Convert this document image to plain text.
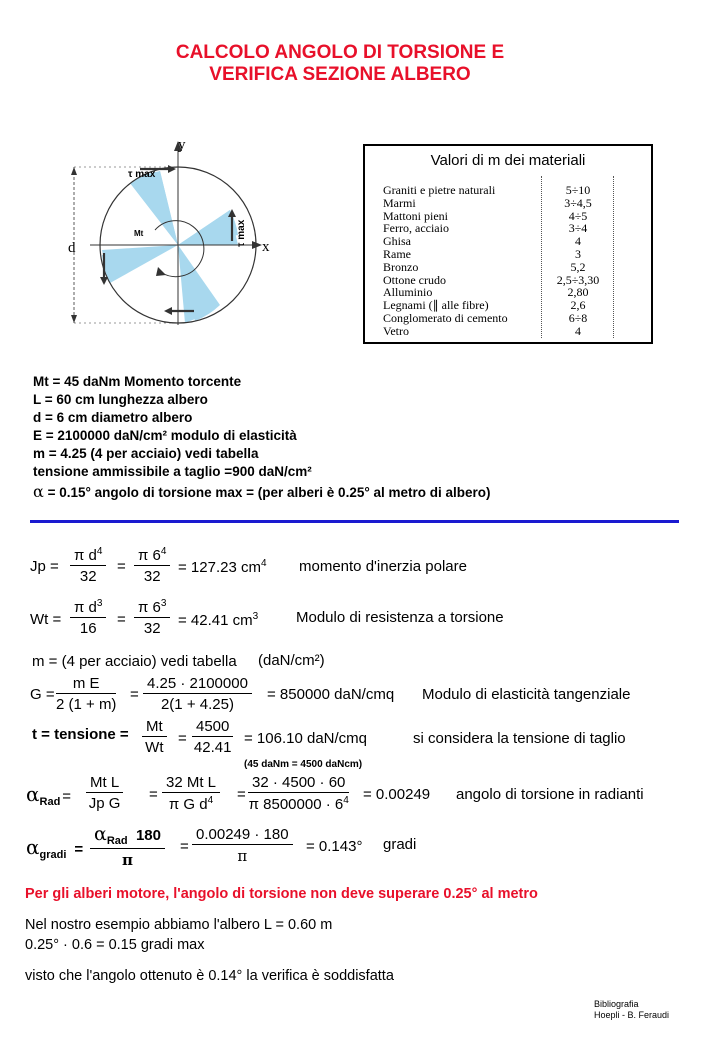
CALCOLO ANGOLO DI TORSIONE E
VERIFICA SEZIONE ALBERO
y
x
d
τ max
τ max
Mt
Valori di m dei materiali
Graniti e pietre naturali	5÷10
Marmi	3÷4,5
Mattoni pieni	4÷5
Ferro, acciaio	3÷4
Ghisa	4
Rame	3
Bronzo	5,2
Ottone crudo	2,5÷3,30
Alluminio	2,80
Legnami (∥ alle fibre)	2,6
Conglomerato di cemento	6÷8
Vetro	4
Mt = 45 daNm Momento torcente
L = 60 cm lunghezza albero
d = 6 cm diametro albero
E = 2100000 daN/cm² modulo di elasticità
m = 4.25 (4 per acciaio) vedi tabella
tensione ammissibile a taglio =900 daN/cm²
α = 0.15° angolo di torsione max = (per alberi è 0.25° al metro di albero)
$Jp = \frac{\pi d^4}{32} = \frac{\pi 6^4}{32} = 127.23$ $cm^4$ momento d'inerzia polare
$Wt = \frac{\pi d^3}{16} = \frac{\pi 6^3}{32} = 42.41$ $cm^3$	Modulo di resistenza a torsione
m = (4 per acciaio) vedi tabella (daN/cm²)
$G = \frac{\text{m E}}{2 (1 + m)} = \frac{4.25 \cdot 2100000}{2(1 + 4.25)} = 850000$ daN/cmq Modulo di elasticità tangenziale
t = tensione = $\frac{Mt}{Wt} = \frac{4500}{42.41} = 106.10$ daN/cmq	si considera la tensione di taglio
(45 daNm = 4500 daNcm)
$\alpha_{Rad} = \frac{\text{Mt L}}{\text{Jp G}} = \frac{\text{32 Mt L}}{\pi G d^4} = \frac{32 \cdot 4500 \cdot 60}{\pi 8500000 \cdot 6^4} = 0.00249$ angolo di torsione in radianti
$\alpha_{gradi}$ =
$\alpha_{Rad}$ 180
π
= $\frac{0.00249 \cdot 180}{\pi} = 0.143^\circ$ gradi
Per gli alberi motore, l'angolo di torsione non deve superare 0.25° al metro
Nel nostro esempio abbiamo l'albero L = 0.60 m
0.25° · 0.6 = 0.15 gradi max
visto che l'angolo ottenuto è 0.14° la verifica è soddisfatta
Bibliografia
Hoepli - B. Feraudi
